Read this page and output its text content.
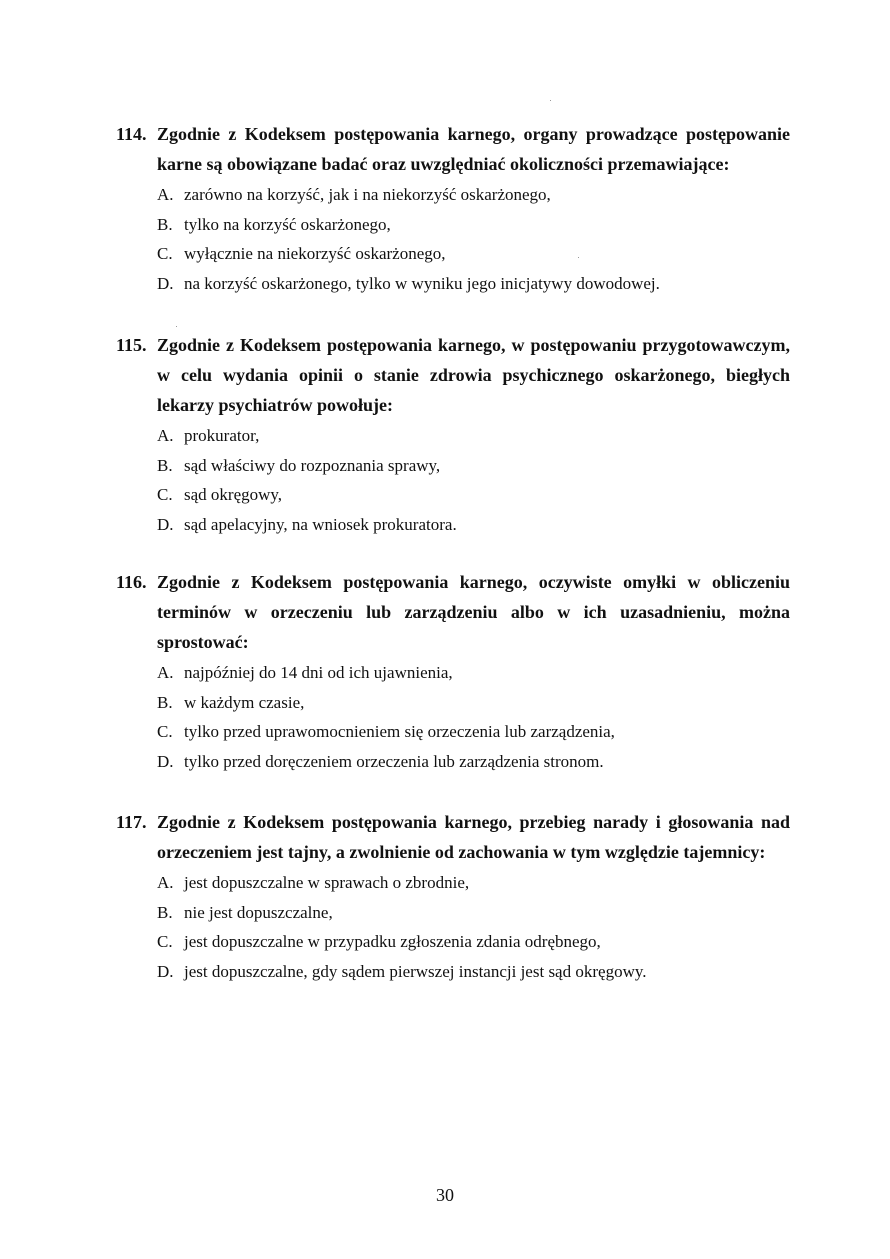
114. Zgodnie z Kodeksem postępowania karnego, organy prowadzące postępowanie karne są obowiązane badać oraz uwzględniać okoliczności przemawiające:
A. zarówno na korzyść, jak i na niekorzyść oskarżonego,
B. tylko na korzyść oskarżonego,
C. wyłącznie na niekorzyść oskarżonego,
D. na korzyść oskarżonego, tylko w wyniku jego inicjatywy dowodowej.
115. Zgodnie z Kodeksem postępowania karnego, w postępowaniu przygotowawczym, w celu wydania opinii o stanie zdrowia psychicznego oskarżonego, biegłych lekarzy psychiatrów powołuje:
A. prokurator,
B. sąd właściwy do rozpoznania sprawy,
C. sąd okręgowy,
D. sąd apelacyjny, na wniosek prokuratora.
116. Zgodnie z Kodeksem postępowania karnego, oczywiste omyłki w obliczeniu terminów w orzeczeniu lub zarządzeniu albo w ich uzasadnieniu, można sprostować:
A. najpóźniej do 14 dni od ich ujawnienia,
B. w każdym czasie,
C. tylko przed uprawomocnieniem się orzeczenia lub zarządzenia,
D. tylko przed doręczeniem orzeczenia lub zarządzenia stronom.
117. Zgodnie z Kodeksem postępowania karnego, przebieg narady i głosowania nad orzeczeniem jest tajny, a zwolnienie od zachowania w tym względzie tajemnicy:
A. jest dopuszczalne w sprawach o zbrodnie,
B. nie jest dopuszczalne,
C. jest dopuszczalne w przypadku zgłoszenia zdania odrębnego,
D. jest dopuszczalne, gdy sądem pierwszej instancji jest sąd okręgowy.
30
